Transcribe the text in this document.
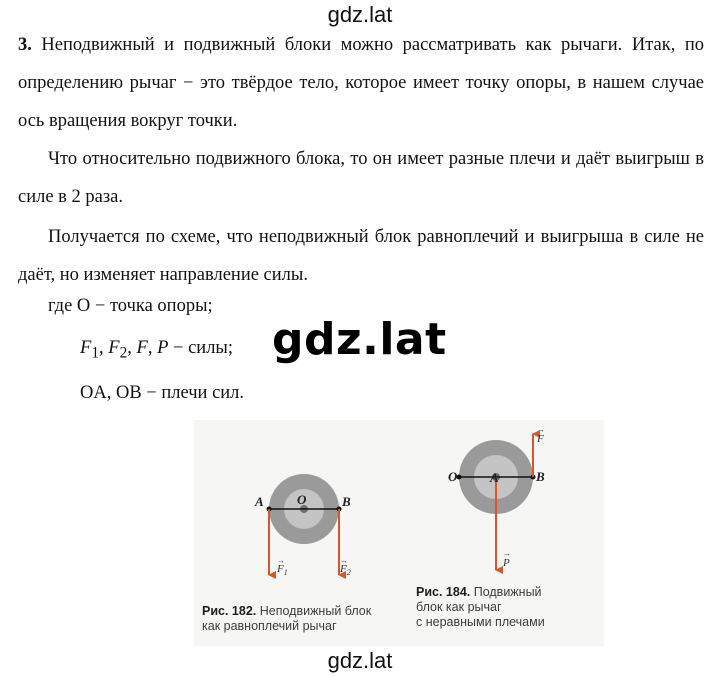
gdz.lat
3. Неподвижный и подвижный блоки можно рассматривать как рычаги. Итак, по определению рычаг − это твёрдое тело, которое имеет точку опоры, в нашем случае ось вращения вокруг точки.
Что относительно подвижного блока, то он имеет разные плечи и даёт выигрыш в силе в 2 раза.
Получается по схеме, что неподвижный блок равноплечий и выигрыша в силе не даёт, но изменяет направление силы.
где O − точка опоры;
$F_1$, $F_2$, F, P − силы;
OA, OB − плечи сил.
gdz.lat
A	O	B
$F_1$
→
$F_2$
→
O	A	B
F
→
P
→
Рис. 182. Неподвижный блок
как равноплечий рычаг
Рис. 184. Подвижный
блок как рычаг
с неравными плечами
gdz.lat
